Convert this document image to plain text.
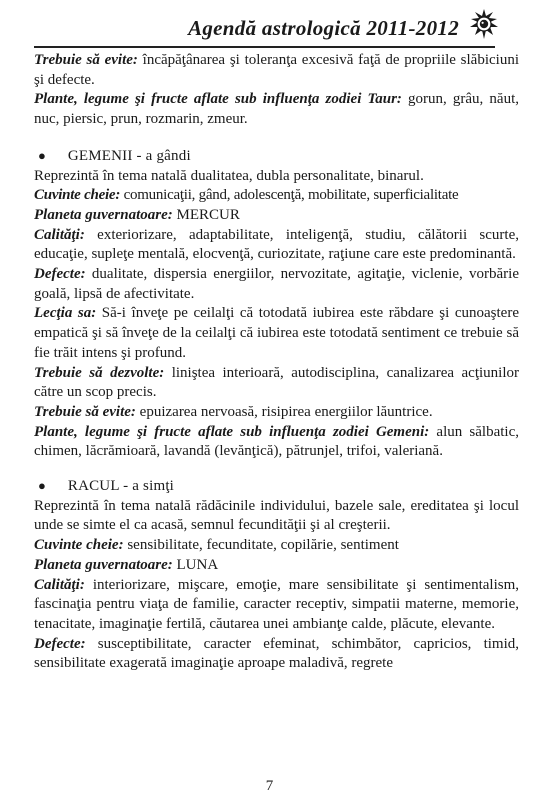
Agendă astrologică 2011-2012

Trebuie să evite: încăpăţânarea şi toleranţa excesivă faţă de propriile slăbiciuni şi defecte.

Plante, legume şi fructe aflate sub influenţa zodiei Taur: gorun, grâu, năut, nuc, piersic, prun, rozmarin, zmeur.

● GEMENII - a gândi

Reprezintă în tema natală dualitatea, dubla personalitate, binarul.

Cuvinte cheie: comunicaţii, gând, adolescenţă, mobilitate, superficialitate

Planeta guvernatoare: MERCUR

Calităţi: exteriorizare, adaptabilitate, inteligenţă, studiu, călătorii scurte, educaţie, supleţe mentală, elocvenţă, curiozitate, raţiune care este predominantă.

Defecte: dualitate, dispersia energiilor, nervozitate, agitaţie, viclenie, vorbărie goală, lipsă de afectivitate.

Lecţia sa: Să-i înveţe pe ceilalţi că totodată iubirea este răbdare şi cunoaştere empatică şi să înveţe de la ceilalţi că iubirea este totodată sentiment ce trebuie să fie trăit intens şi profund.

Trebuie să dezvolte: liniştea interioară, autodisciplina, canalizarea acţiunilor către un scop precis.

Trebuie să evite: epuizarea nervoasă, risipirea energiilor lăuntrice.

Plante, legume şi fructe aflate sub influenţa zodiei Gemeni: alun sălbatic, chimen, lăcrămioară, lavandă (levănţică), pătrunjel, trifoi, valeriană.

● RACUL - a simţi

Reprezintă în tema natală rădăcinile individului, bazele sale, ereditatea şi locul unde se simte el ca acasă, semnul fecundităţii şi al creşterii.

Cuvinte cheie: sensibilitate, fecunditate, copilărie, sentiment

Planeta guvernatoare: LUNA

Calităţi: interiorizare, mişcare, emoţie, mare sensibilitate şi sentimentalism, fascinaţia pentru viaţa de familie, caracter receptiv, simpatii materne, memorie, tenacitate, imaginaţie fertilă, căutarea unei ambianţe calde, plăcute, elevante.

Defecte: susceptibilitate, caracter efeminat, schimbător, capricios, timid, sensibilitate exagerată imaginaţie aproape maladivă, regrete

7
